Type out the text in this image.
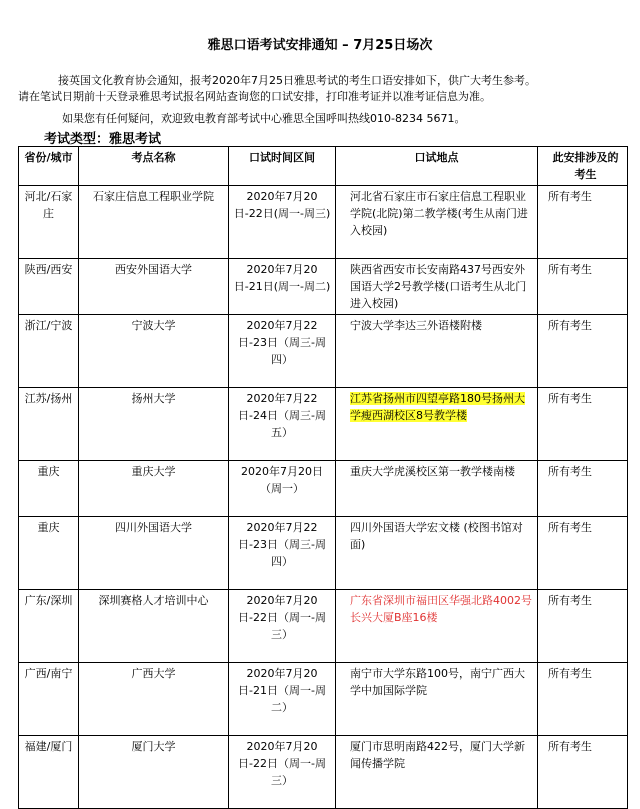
雅思口语考试安排通知 – 7月25日场次
接英国文化教育协会通知，报考2020年7月25日雅思考试的考生口语安排如下，供广大考生参考。
请在笔试日期前十天登录雅思考试报名网站查询您的口试安排，打印准考证并以准考证信息为准。
如果您有任何疑问，欢迎致电教育部考试中心雅思全国呼叫热线010-8234 5671。
考试类型：雅思考试
省份/城市	考点名称	口试时间区间	口试地点	此安排涉及的考生
河北/石家庄	石家庄信息工程职业学院	2020年7月20日-22日(周一-周三)	河北省石家庄市石家庄信息工程职业学院(北院)第二教学楼(考生从南门进入校园)	所有考生
陕西/西安	西安外国语大学	2020年7月20日-21日(周一-周二)	陕西省西安市长安南路437号西安外国语大学2号教学楼(口语考生从北门进入校园)	所有考生
浙江/宁波	宁波大学	2020年7月22日-23日（周三-周四）	宁波大学李达三外语楼附楼	所有考生
江苏/扬州	扬州大学	2020年7月22日-24日（周三-周五）	江苏省扬州市四望亭路180号扬州大学瘦西湖校区8号教学楼	所有考生
重庆	重庆大学	2020年7月20日（周一）	重庆大学虎溪校区第一教学楼南楼	所有考生
重庆	四川外国语大学	2020年7月22日-23日（周三-周四）	四川外国语大学宏文楼 (校图书馆对面)	所有考生
广东/深圳	深圳赛格人才培训中心	2020年7月20日-22日（周一-周三）	广东省深圳市福田区华强北路4002号长兴大厦B座16楼	所有考生
广西/南宁	广西大学	2020年7月20日-21日（周一-周二）	南宁市大学东路100号，南宁广西大学中加国际学院	所有考生
福建/厦门	厦门大学	2020年7月20日-22日（周一-周三）	厦门市思明南路422号，厦门大学新闻传播学院	所有考生
